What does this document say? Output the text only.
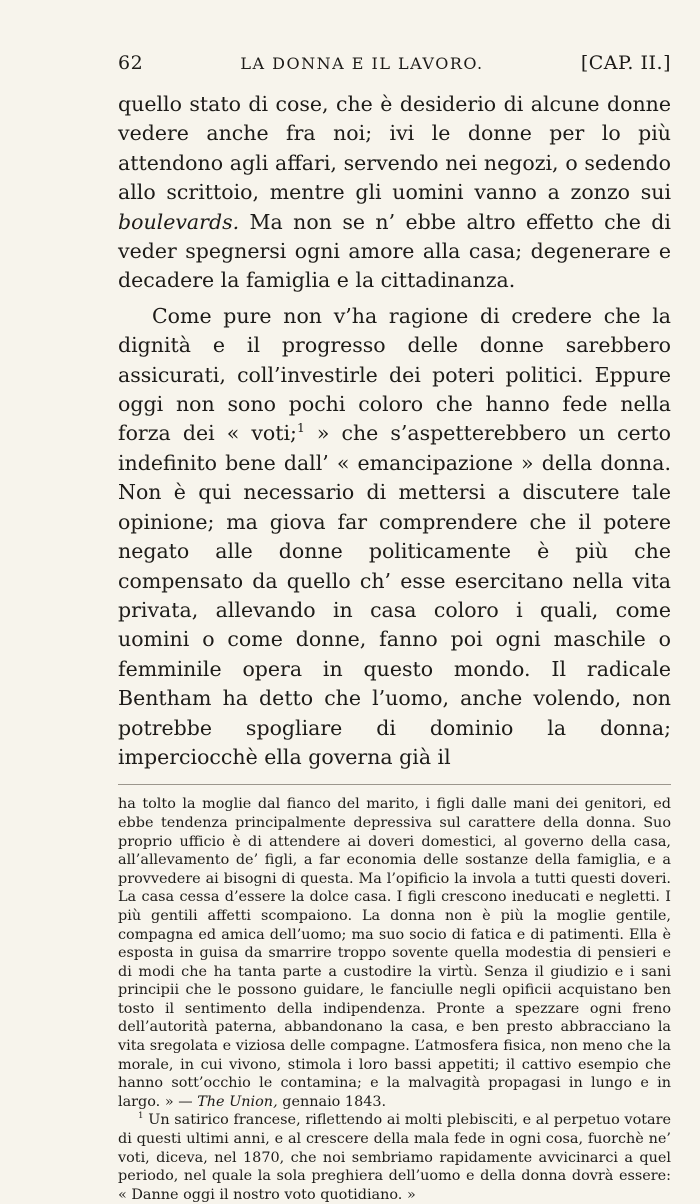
62	LA DONNA E IL LAVORO.	[CAP. II.]

quello stato di cose, che è desiderio di alcune donne vedere anche fra noi; ivi le donne per lo più attendono agli affari, servendo nei negozi, o sedendo allo scrittoio, mentre gli uomini vanno a zonzo sui boulevards. Ma non se n’ ebbe altro effetto che di veder spegnersi ogni amore alla casa; degenerare e decadere la famiglia e la cittadinanza.

Come pure non v’ha ragione di credere che la dignità e il progresso delle donne sarebbero assicurati, coll’investirle dei poteri politici. Eppure oggi non sono pochi coloro che hanno fede nella forza dei « voti;$^1$ » che s’aspetterebbero un certo indefinito bene dall’ « emancipazione » della donna. Non è qui necessario di mettersi a discutere tale opinione; ma giova far comprendere che il potere negato alle donne politicamente è più che compensato da quello ch’ esse esercitano nella vita privata, allevando in casa coloro i quali, come uomini o come donne, fanno poi ogni maschile o femminile opera in questo mondo. Il radicale Bentham ha detto che l’uomo, anche volendo, non potrebbe spogliare di dominio la donna; imperciocchè ella governa già il

ha tolto la moglie dal fianco del marito, i figli dalle mani dei genitori, ed ebbe tendenza principalmente depressiva sul carattere della donna. Suo proprio ufficio è di attendere ai doveri domestici, al governo della casa, all’allevamento de’ figli, a far economia delle sostanze della famiglia, e a provvedere ai bisogni di questa. Ma l’opificio la invola a tutti questi doveri. La casa cessa d’essere la dolce casa. I figli crescono ineducati e negletti. I più gentili affetti scompaiono. La donna non è più la moglie gentile, compagna ed amica dell’uomo; ma suo socio di fatica e di patimenti. Ella è esposta in guisa da smarrire troppo sovente quella modestia di pensieri e di modi che ha tanta parte a custodire la virtù. Senza il giudizio e i sani principii che le possono guidare, le fanciulle negli opificii acquistano ben tosto il sentimento della indipendenza. Pronte a spezzare ogni freno dell’autorità paterna, abbandonano la casa, e ben presto abbracciano la vita sregolata e viziosa delle compagne. L’atmosfera fisica, non meno che la morale, in cui vivono, stimola i loro bassi appetiti; il cattivo esempio che hanno sott’occhio le contamina; e la malvagità propagasi in lungo e in largo. » — The Union, gennaio 1843.

$^1$ Un satirico francese, riflettendo ai molti plebisciti, e al perpetuo votare di questi ultimi anni, e al crescere della mala fede in ogni cosa, fuorchè ne’ voti, diceva, nel 1870, che noi sembriamo rapidamente avvicinarci a quel periodo, nel quale la sola preghiera dell’uomo e della donna dovrà essere: « Danne oggi il nostro voto quotidiano. »
